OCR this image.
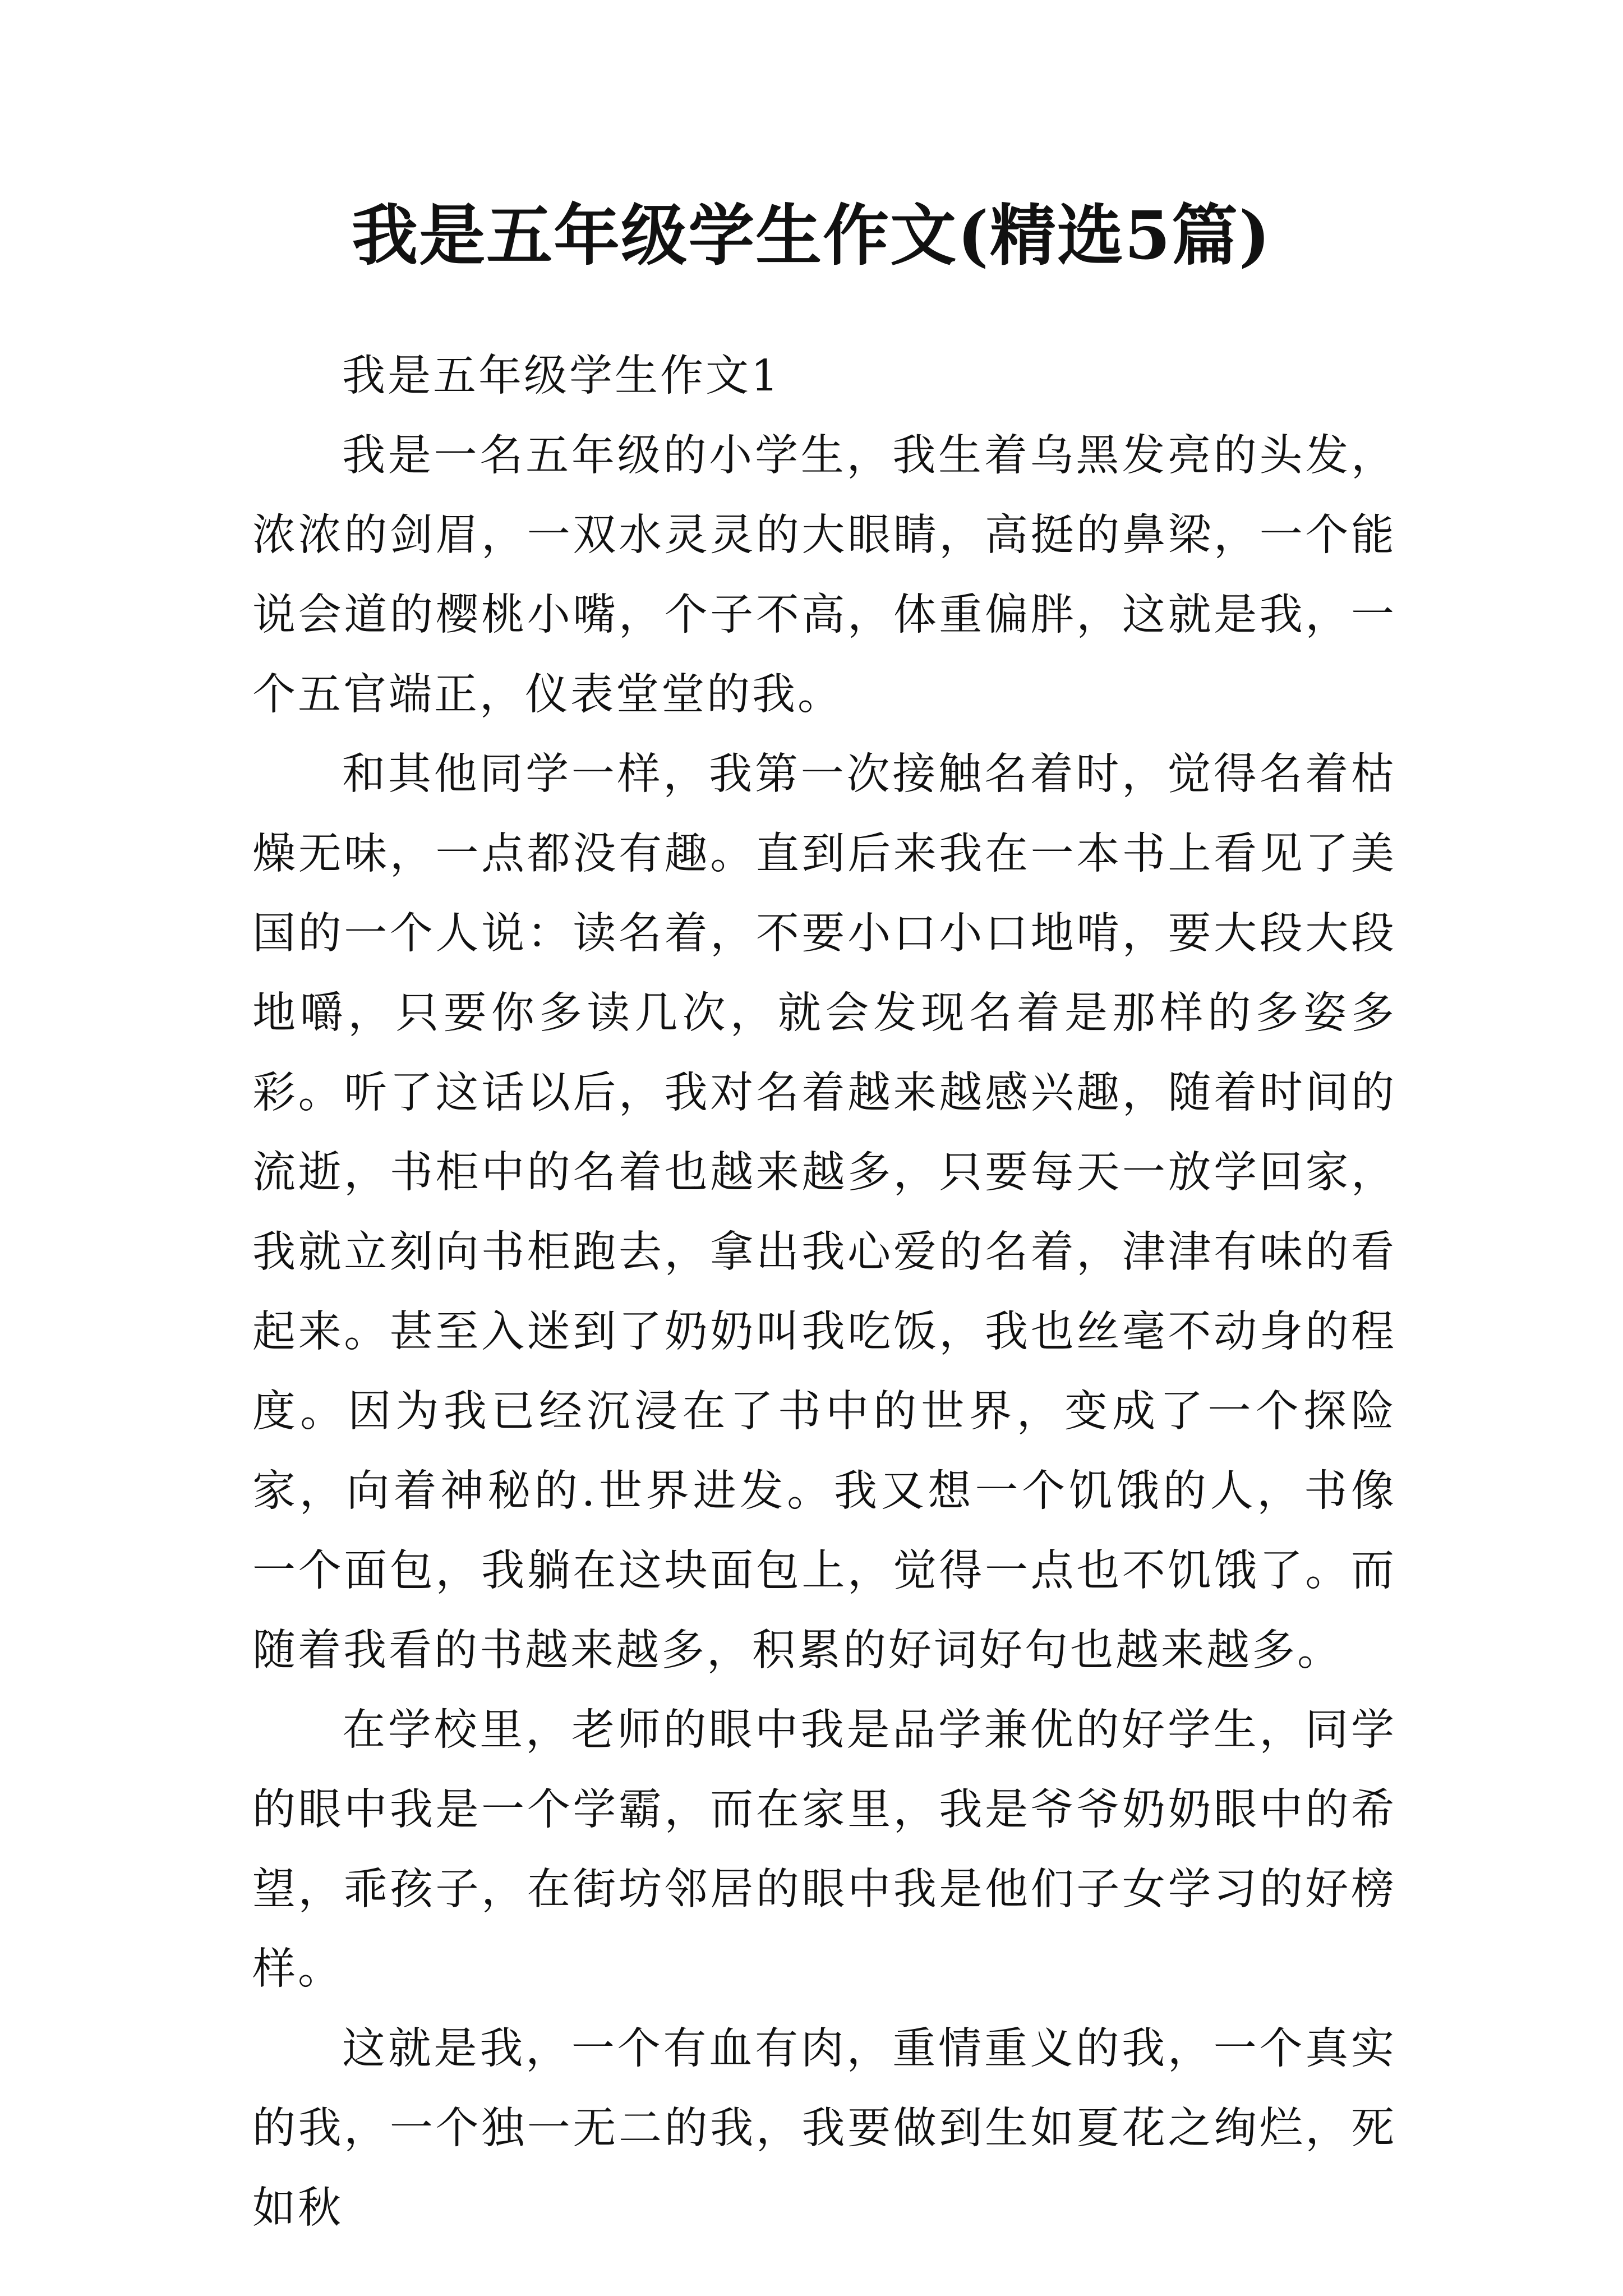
我是五年级学生作文(精选5篇)

我是五年级学生作文1

我是一名五年级的小学生，我生着乌黑发亮的头发，浓浓的剑眉，一双水灵灵的大眼睛，高挺的鼻梁，一个能说会道的樱桃小嘴，个子不高，体重偏胖，这就是我，一个五官端正，仪表堂堂的我。

和其他同学一样，我第一次接触名着时，觉得名着枯燥无味，一点都没有趣。直到后来我在一本书上看见了美国的一个人说：读名着，不要小口小口地啃，要大段大段地嚼，只要你多读几次，就会发现名着是那样的多姿多彩。听了这话以后，我对名着越来越感兴趣，随着时间的流逝，书柜中的名着也越来越多，只要每天一放学回家，我就立刻向书柜跑去，拿出我心爱的名着，津津有味的看起来。甚至入迷到了奶奶叫我吃饭，我也丝毫不动身的程度。因为我已经沉浸在了书中的世界，变成了一个探险家，向着神秘的.世界进发。我又想一个饥饿的人，书像一个面包，我躺在这块面包上，觉得一点也不饥饿了。而随着我看的书越来越多，积累的好词好句也越来越多。

在学校里，老师的眼中我是品学兼优的好学生，同学的眼中我是一个学霸，而在家里，我是爷爷奶奶眼中的希望，乖孩子，在街坊邻居的眼中我是他们子女学习的好榜样。

这就是我，一个有血有肉，重情重义的我，一个真实的我，一个独一无二的我，我要做到生如夏花之绚烂，死如秋
